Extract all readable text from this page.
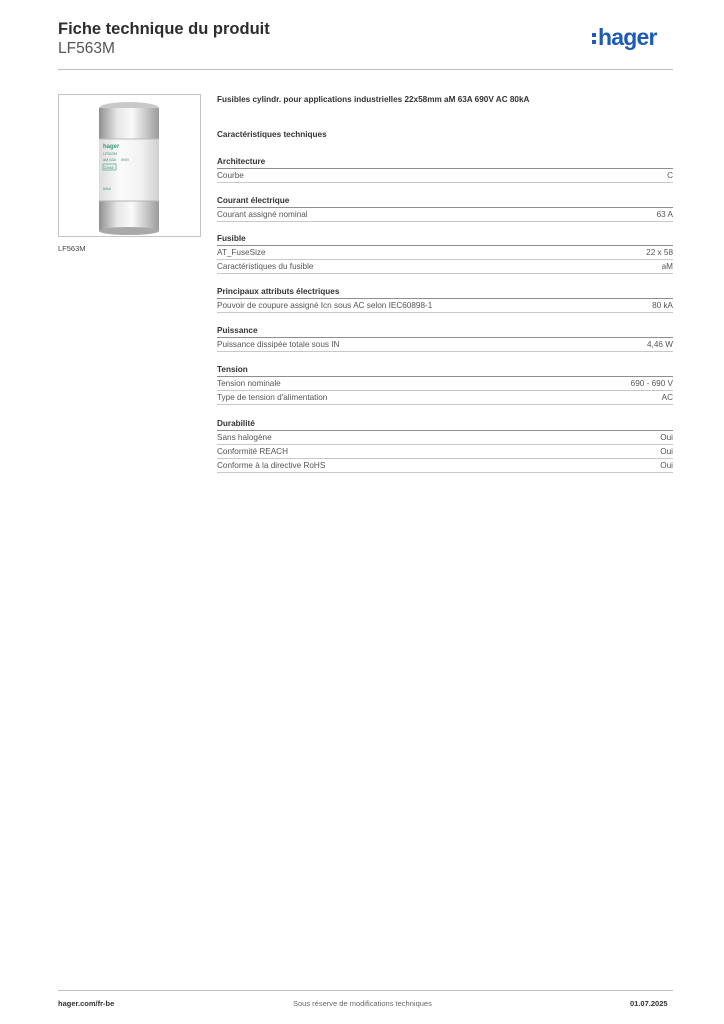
Fiche technique du produit
LF563M	hager
hager
LF563M
aM 63A
22x58
690V
80kA
LF563M
Fusibles cylindr. pour applications industrielles 22x58mm aM 63A 690V AC 80kA
Caractéristiques techniques
Architecture
Courbe	C
Courant électrique
Courant assigné nominal	63 A
Fusible
AT_FuseSize	22 x 58
Caractéristiques du fusible	aM
Principaux attributs électriques
Pouvoir de coupure assigné Icn sous AC selon IEC60898-1	80 kA
Puissance
Puissance dissipée totale sous IN	4,46 W
Tension
Tension nominale	690 - 690 V
Type de tension d'alimentation	AC
Durabilité
Sans halogène	Oui
Conformité REACH	Oui
Conforme à la directive RoHS	Oui
hager.com/fr-be	Sous réserve de modifications techniques	01.07.2025
